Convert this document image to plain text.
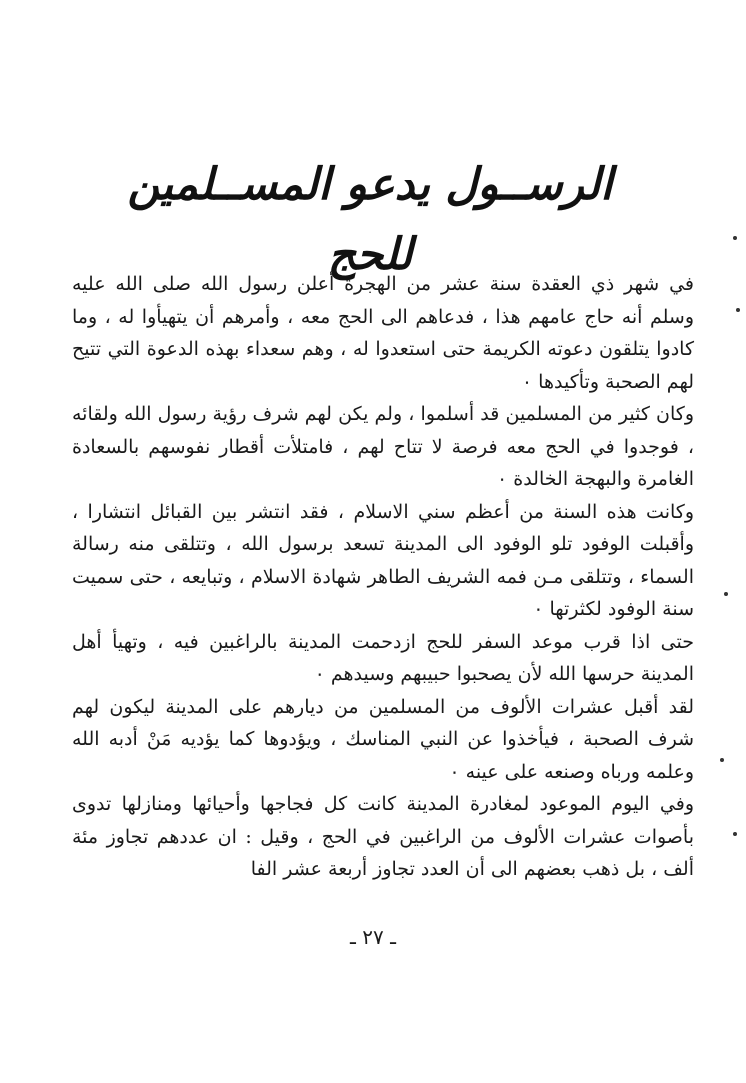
الرســول يدعو المســلمين للحج

في شهر ذي العقدة سنة عشر من الهجرة أعلن رسول الله صلى الله عليه وسلم أنه حاج عامهم هذا ، فدعاهم الى الحج معه ، وأمرهم أن يتهيأوا له ، وما كادوا يتلقون دعوته الكريمة حتى استعدوا له ، وهم سعداء بهذه الدعوة التي تتيح لهم الصحبة وتأكيدها ٠

وكان كثير من المسلمين قد أسلموا ، ولم يكن لهم شرف رؤية رسول الله ولقائه ، فوجدوا في الحج معه فرصة لا تتاح لهم ، فامتلأت أقطار نفوسهم بالسعادة الغامرة والبهجة الخالدة ٠

وكانت هذه السنة من أعظم سني الاسلام ، فقد انتشر بين القبائل انتشارا ، وأقبلت الوفود تلو الوفود الى المدينة تسعد برسول الله ، وتتلقى منه رسالة السماء ، وتتلقى مـن فمه الشريف الطاهر شهادة الاسلام ، وتبايعه ، حتى سميت سنة الوفود لكثرتها ٠

حتى اذا قرب موعد السفر للحج ازدحمت المدينة بالراغبين فيه ، وتهيأ أهل المدينة حرسها الله لأن يصحبوا حبيبهم وسيدهم ٠

لقد أقبل عشرات الألوف من المسلمين من ديارهم على المدينة ليكون لهم شرف الصحبة ، فيأخذوا عن النبي المناسك ، ويؤدوها كما يؤديه مَنْ أدبه الله وعلمه ورباه وصنعه على عينه ٠

وفي اليوم الموعود لمغادرة المدينة كانت كل فجاجها وأحيائها ومنازلها تدوى بأصوات عشرات الألوف من الراغبين في الحج ، وقيل : ان عددهم تجاوز مئة ألف ، بل ذهب بعضهم الى أن العدد تجاوز أربعة عشر الفا

ـ ٢٧ ـ
